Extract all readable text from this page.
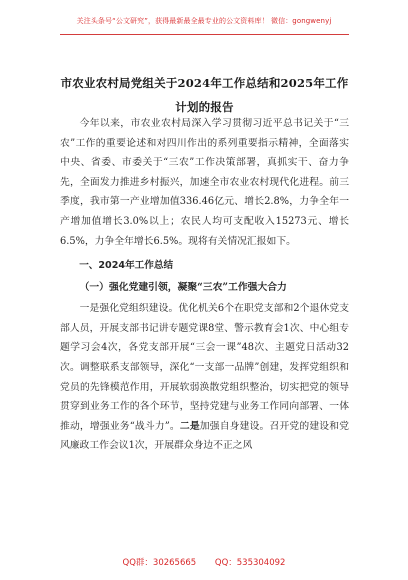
关注头条号“公文研究”，获得最新最全最专业的公文资料库！ 微信：gongwenyj
市农业农村局党组关于2024年工作总结和2025年工作计划的报告

今年以来，市农业农村局深入学习贯彻习近平总书记关于“三农”工作的重要论述和对四川作出的系列重要指示精神，全面落实中央、省委、市委关于“三农”工作决策部署，真抓实干、奋力争先，全面发力推进乡村振兴，加速全市农业农村现代化进程。前三季度，我市第一产业增加值336.46亿元、增长2.8%，力争全年一产增加值增长3.0%以上；农民人均可支配收入15273元、增长6.5%，力争全年增长6.5%。现将有关情况汇报如下。

一、2024年工作总结
（一）强化党建引领，凝聚“三农”工作强大合力

一是强化党组织建设。优化机关6个在职党支部和2个退休党支部人员，开展支部书记讲专题党课8堂、警示教育会1次、中心组专题学习会4次，各党支部开展“三会一课”48次、主题党日活动32次。调整联系支部领导，深化“一支部一品牌”创建，发挥党组织和党员的先锋模范作用，开展软弱涣散党组织整治，切实把党的领导贯穿到业务工作的各个环节，坚持党建与业务工作同向部署、一体推动，增强业务“战斗力”。二是加强自身建设。召开党的建设和党风廉政工作会议1次，开展群众身边不正之风

QQ群：30265665 QQ：535304092
